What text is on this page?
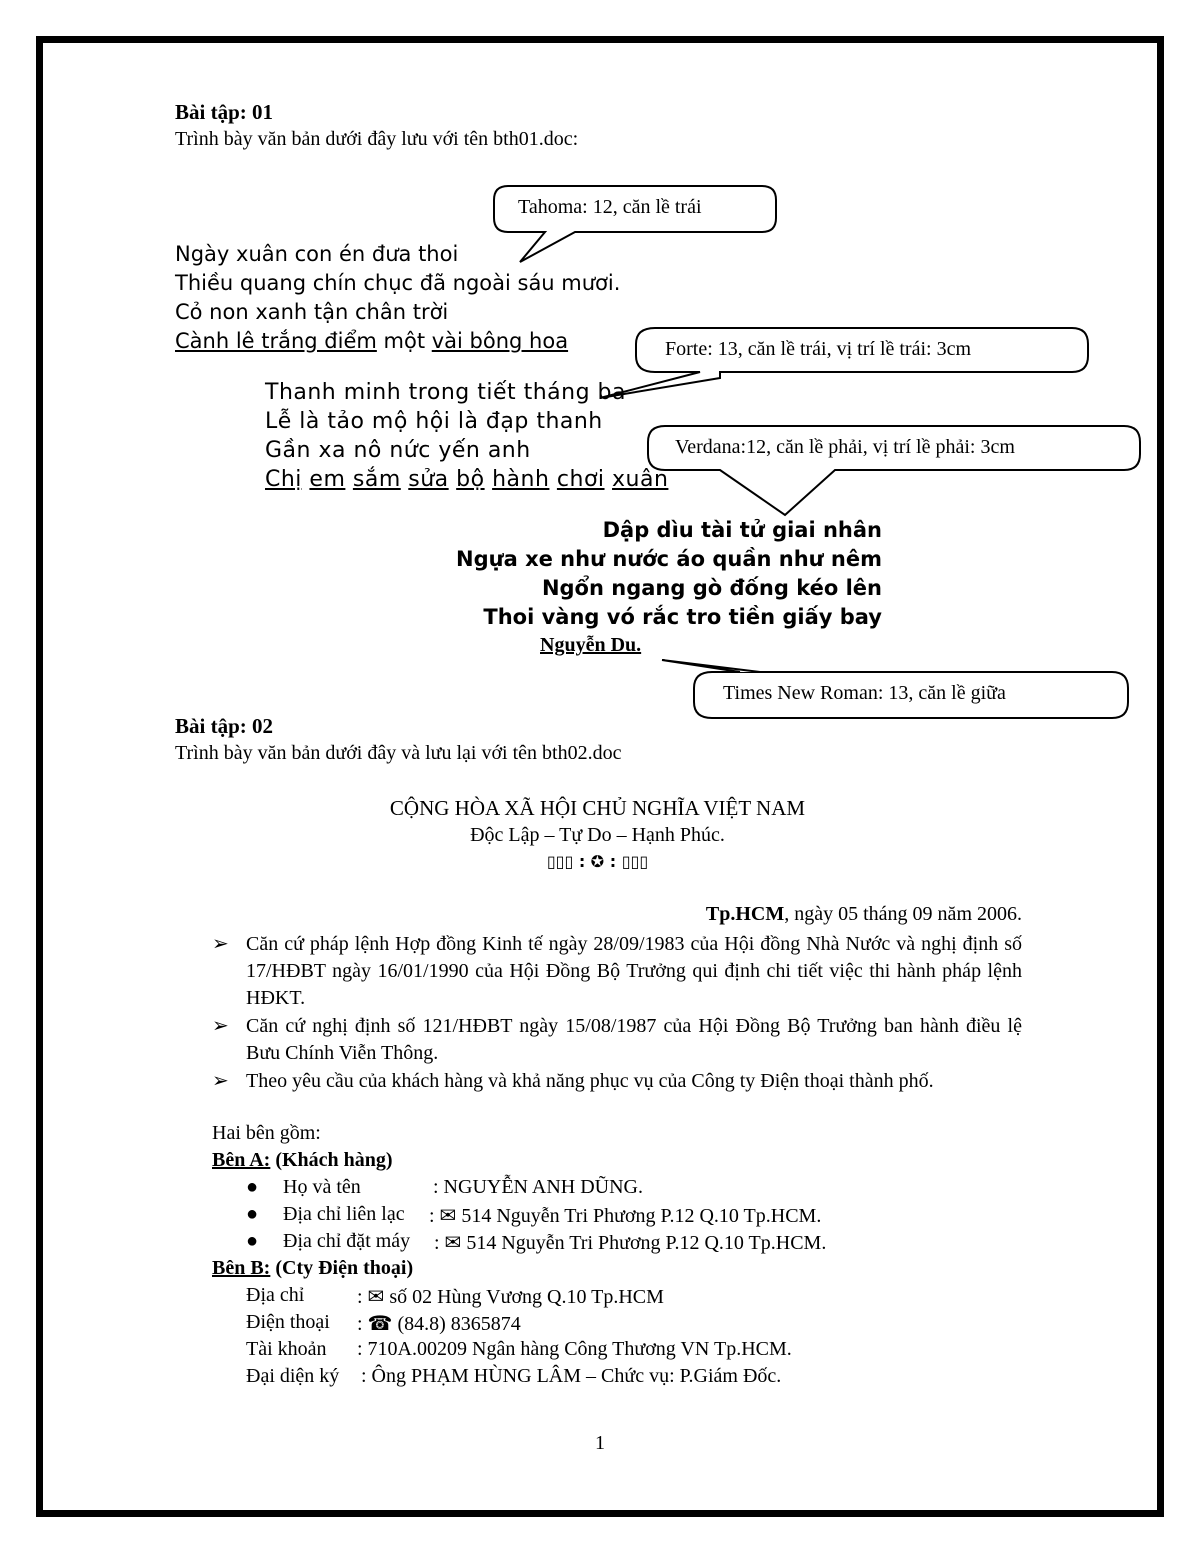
Tahoma: 12, căn lề trái
Forte: 13, căn lề trái, vị trí lề trái: 3cm
Verdana:12, căn lề phải, vị trí lề phải: 3cm
Times New Roman: 13, căn lề giữa
Bài tập: 01
Trình bày văn bản dưới đây lưu với tên bth01.doc:
Ngày xuân con én đưa thoi
Thiều quang chín chục đã ngoài sáu mươi.
Cỏ non xanh tận chân trời
Cành lê trắng điểm một vài bông hoa
Thanh minh trong tiết tháng ba
Lễ là tảo mộ hội là đạp thanh
Gần xa nô nức yến anh
Chị em sắm sửa bộ hành chơi xuân
Dập dìu tài tử giai nhân
Ngựa xe như nước áo quần như nêm
Ngổn ngang gò đống kéo lên
Thoi vàng vó rắc tro tiền giấy bay
Nguyễn Du.
Bài tập: 02
Trình bày văn bản dưới đây và lưu lại với tên bth02.doc
CỘNG HÒA XÃ HỘI CHỦ NGHĨA VIỆT NAM
Độc Lập – Tự Do – Hạnh Phúc.
▯▯▯ : ✪ : ▯▯▯
Tp.HCM, ngày 05 tháng 09 năm 2006.
➢ Căn cứ pháp lệnh Hợp đồng Kinh tế ngày 28/09/1983 của Hội đồng Nhà Nước và nghị định số 17/HĐBT ngày 16/01/1990 của Hội Đồng Bộ Trưởng qui định chi tiết việc thi hành pháp lệnh HĐKT.
➢ Căn cứ nghị định số 121/HĐBT ngày 15/08/1987 của Hội Đồng Bộ Trưởng ban hành điều lệ Bưu Chính Viễn Thông.
➢ Theo yêu cầu của khách hàng và khả năng phục vụ của Công ty Điện thoại thành phố.
Hai bên gồm:
Bên A: (Khách hàng)
● Họ và tên	: NGUYỄN ANH DŨNG.
● Địa chỉ liên lạc : ✉ 514 Nguyễn Tri Phương P.12 Q.10 Tp.HCM.
● Địa chỉ đặt máy : ✉ 514 Nguyễn Tri Phương P.12 Q.10 Tp.HCM.
Bên B: (Cty Điện thoại)
Địa chỉ	: ✉ số 02 Hùng Vương Q.10 Tp.HCM
Điện thoại : ☎ (84.8) 8365874
Tài khoản : 710A.00209 Ngân hàng Công Thương VN Tp.HCM.
Đại diện ký : Ông PHẠM HÙNG LÂM – Chức vụ: P.Giám Đốc.
1
